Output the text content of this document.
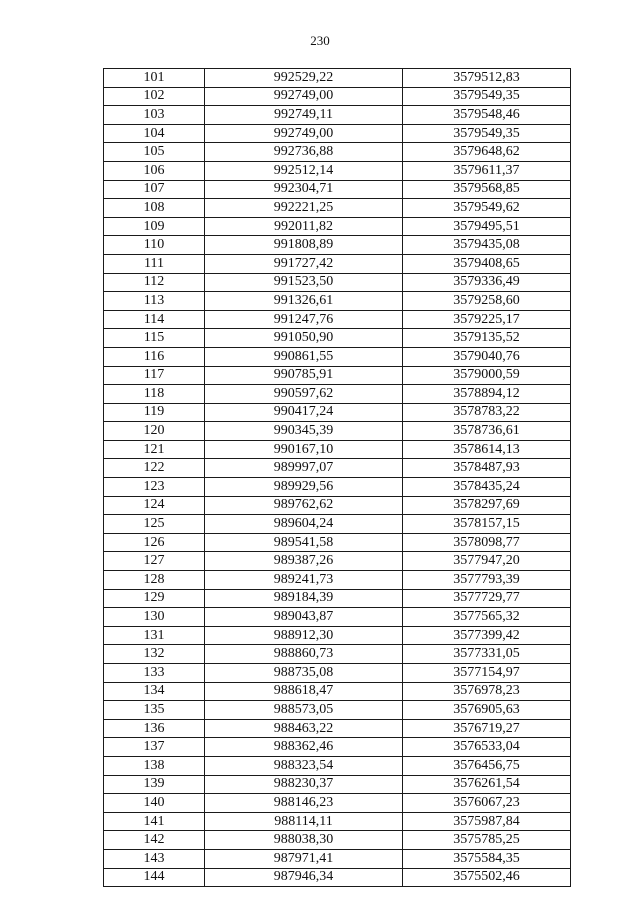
230
101	992529,22	3579512,83
102	992749,00	3579549,35
103	992749,11	3579548,46
104	992749,00	3579549,35
105	992736,88	3579648,62
106	992512,14	3579611,37
107	992304,71	3579568,85
108	992221,25	3579549,62
109	992011,82	3579495,51
110	991808,89	3579435,08
111	991727,42	3579408,65
112	991523,50	3579336,49
113	991326,61	3579258,60
114	991247,76	3579225,17
115	991050,90	3579135,52
116	990861,55	3579040,76
117	990785,91	3579000,59
118	990597,62	3578894,12
119	990417,24	3578783,22
120	990345,39	3578736,61
121	990167,10	3578614,13
122	989997,07	3578487,93
123	989929,56	3578435,24
124	989762,62	3578297,69
125	989604,24	3578157,15
126	989541,58	3578098,77
127	989387,26	3577947,20
128	989241,73	3577793,39
129	989184,39	3577729,77
130	989043,87	3577565,32
131	988912,30	3577399,42
132	988860,73	3577331,05
133	988735,08	3577154,97
134	988618,47	3576978,23
135	988573,05	3576905,63
136	988463,22	3576719,27
137	988362,46	3576533,04
138	988323,54	3576456,75
139	988230,37	3576261,54
140	988146,23	3576067,23
141	988114,11	3575987,84
142	988038,30	3575785,25
143	987971,41	3575584,35
144	987946,34	3575502,46
